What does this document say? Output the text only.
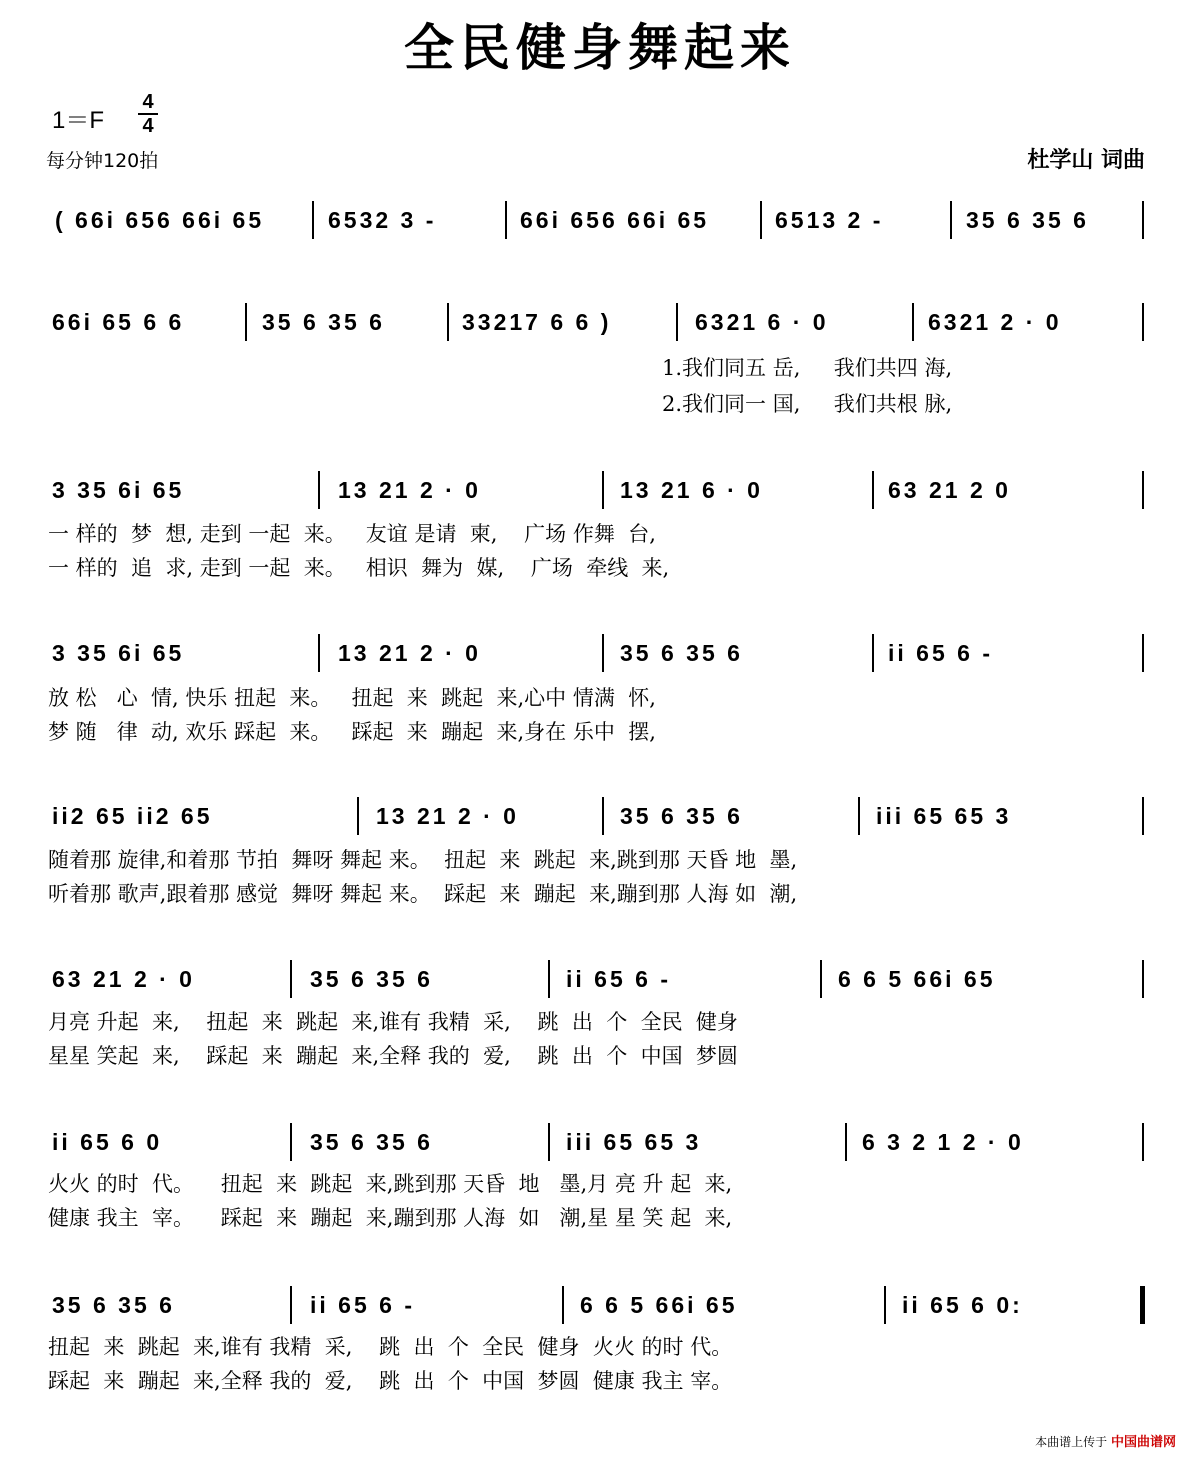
全民健身舞起来
1＝F
4
4
每分钟120拍	杜学山 词曲
( 66i 656 66i 65	6532 3 -	66i 656 66i 65	6513 2 -	35 6 35 6
66i 65 6 6	35 6 35 6	33217 6 6 )	6321 6 · 0	6321 2 · 0
3 35 6i 65	13 21 2 · 0	13 21 6 · 0	63 21 2 0
3 35 6i 65	13 21 2 · 0	35 6 35 6	ii 65 6 -
ii2 65 ii2 65	13 21 2 · 0	35 6 35 6	iii 65 65 3
63 21 2 · 0	35 6 35 6	ii 65 6 -	6 6 5 66i 65
ii 65 6 0	35 6 35 6	iii 65 65 3	6 3 2 1 2 · 0
35 6 35 6	ii 65 6 -	6 6 5 66i 65	ii 65 6 0:
1.我们同五 岳,     我们共四 海,
2.我们同一 国,     我们共根 脉,
一 样的  梦  想, 走到 一起  来。   友谊 是请  柬,    广场 作舞  台,
一 样的  追  求, 走到 一起  来。   相识  舞为  媒,    广场  牵线  来,
放 松   心  情, 快乐 扭起  来。   扭起  来  跳起  来,心中 情满  怀,
梦 随   律  动, 欢乐 踩起  来。   踩起  来  蹦起  来,身在 乐中  摆,
随着那 旋律,和着那 节拍  舞呀 舞起 来。  扭起  来  跳起  来,跳到那 天昏 地  墨,
听着那 歌声,跟着那 感觉  舞呀 舞起 来。  踩起  来  蹦起  来,蹦到那 人海 如  潮,
月亮 升起  来,    扭起  来  跳起  来,谁有 我精  采,    跳  出  个  全民  健身
星星 笑起  来,    踩起  来  蹦起  来,全释 我的  爱,    跳  出  个  中国  梦圆
火火 的时  代。    扭起  来  跳起  来,跳到那 天昏  地   墨,月 亮 升 起  来,
健康 我主  宰。    踩起  来  蹦起  来,蹦到那 人海  如   潮,星 星 笑 起  来,
扭起  来  跳起  来,谁有 我精  采,    跳  出  个  全民  健身  火火 的时 代。
踩起  来  蹦起  来,全释 我的  爱,    跳  出  个  中国  梦圆  健康 我主 宰。
本曲谱上传于 中国曲谱网
